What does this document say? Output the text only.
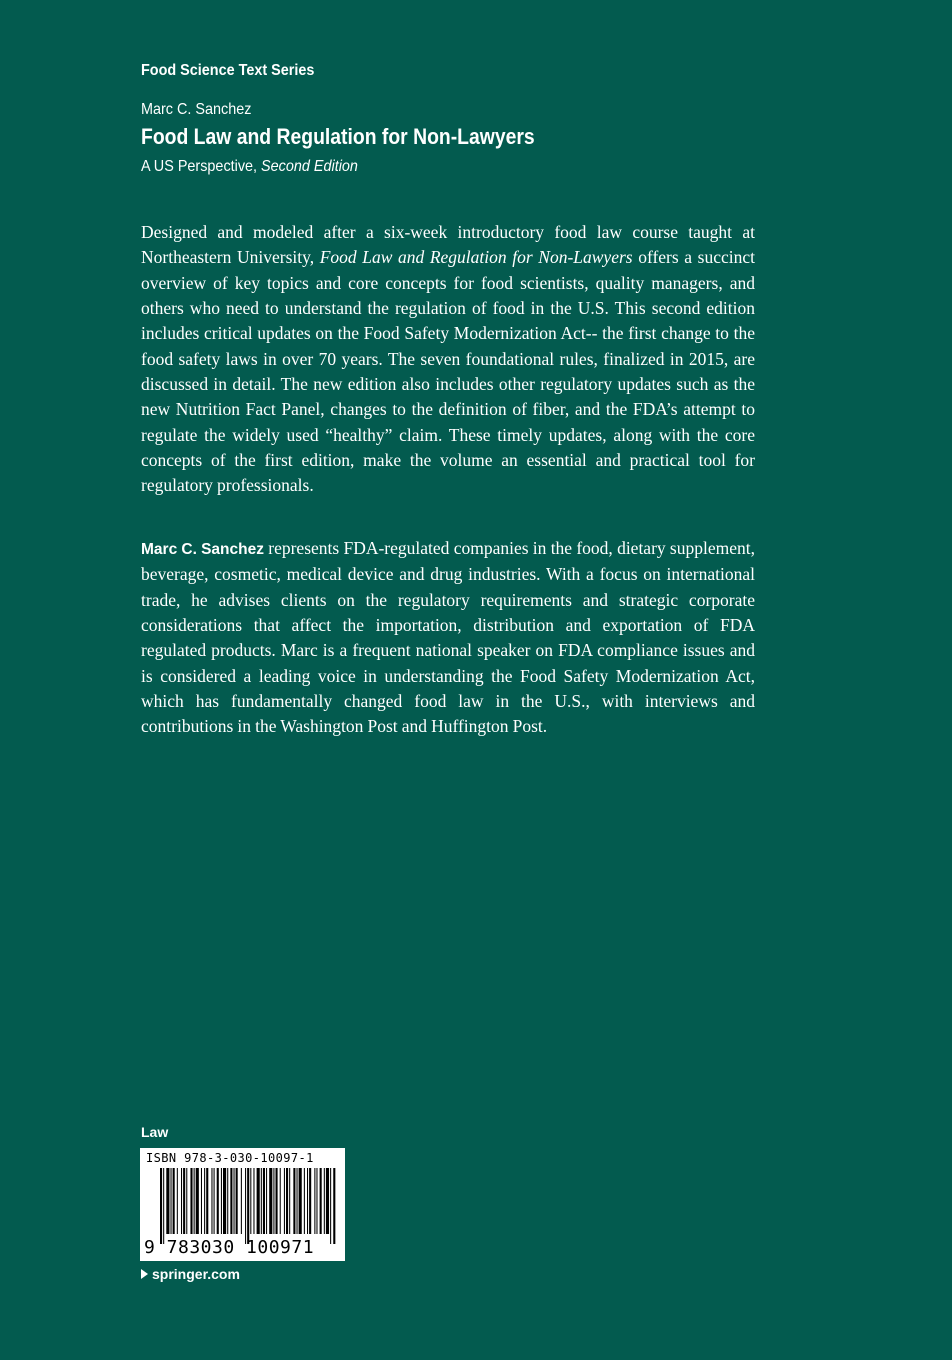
Food Science Text Series
Marc C. Sanchez
Food Law and Regulation for Non-Lawyers
A US Perspective, Second Edition

Designed and modeled after a six-week introductory food law course taught at Northeastern University, Food Law and Regulation for Non-Lawyers offers a succinct overview of key topics and core concepts for food scientists, quality managers, and others who need to understand the regulation of food in the U.S. This second edition includes critical updates on the Food Safety Modernization Act-- the first change to the food safety laws in over 70 years. The seven foundational rules, finalized in 2015, are discussed in detail. The new edition also includes other regulatory updates such as the new Nutrition Fact Panel, changes to the definition of fiber, and the FDA’s attempt to regulate the widely used “healthy” claim. These timely updates, along with the core concepts of the first edition, make the volume an essential and practical tool for regulatory professionals.

Marc C. Sanchez represents FDA-regulated companies in the food, dietary supplement, beverage, cosmetic, medical device and drug industries. With a focus on international trade, he advises clients on the regulatory requirements and strategic corporate considerations that affect the importation, distribution and exportation of FDA regulated products. Marc is a frequent national speaker on FDA compliance issues and is considered a leading voice in understanding the Food Safety Modernization Act, which has fundamentally changed food law in the U.S., with interviews and contributions in the Washington Post and Huffington Post.

Law
ISBN 978-3-030-10097-1
9 783030 100971
springer.com
